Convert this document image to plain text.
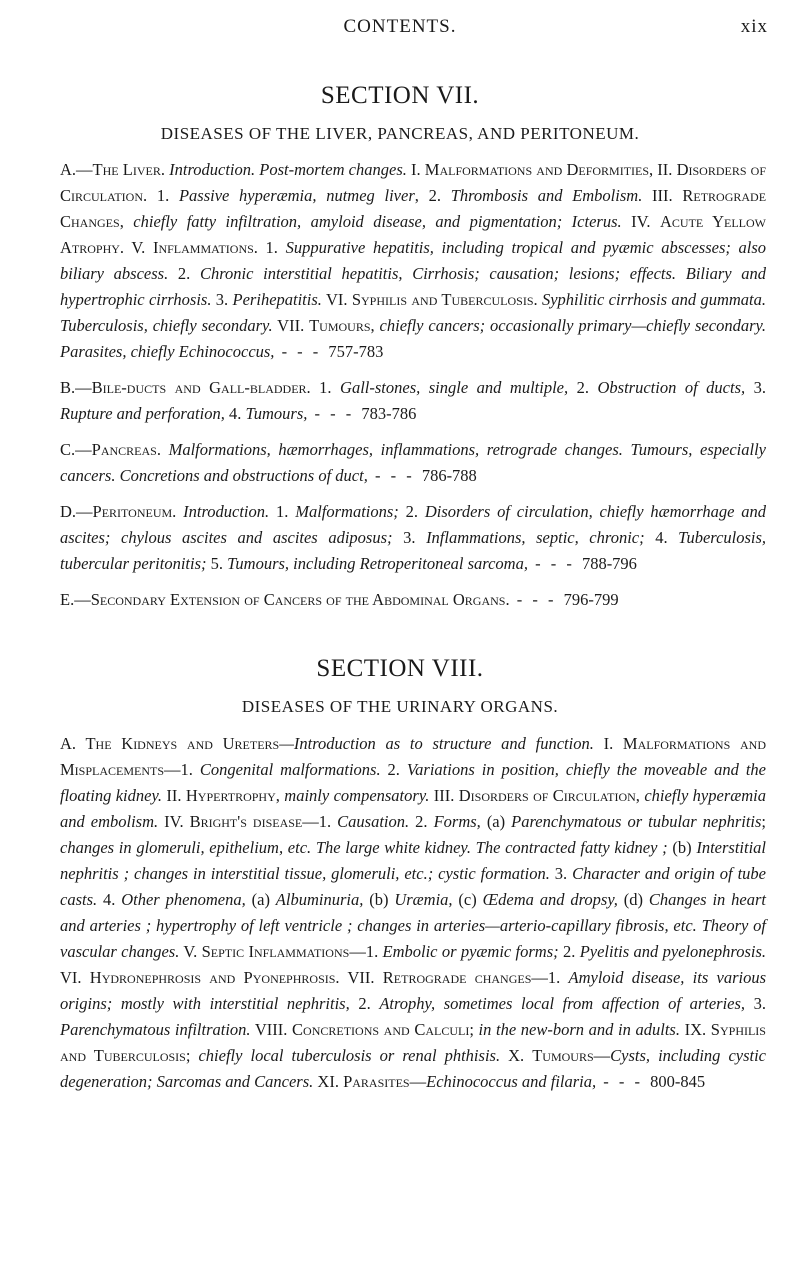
CONTENTS.	xix
SECTION VII.
DISEASES OF THE LIVER, PANCREAS, AND PERITONEUM.
A.—The Liver. Introduction. Post-mortem changes. I. Malformations and Deformities, II. Disorders of Circulation. 1. Passive hyperæmia, nutmeg liver, 2. Thrombosis and Embolism. III. Retrograde Changes, chiefly fatty infiltration, amyloid disease, and pigmentation; Icterus. IV. Acute Yellow Atrophy. V. Inflammations. 1. Suppurative hepatitis, including tropical and pyæmic abscesses; also biliary abscess. 2. Chronic interstitial hepatitis, Cirrhosis; causation; lesions; effects. Biliary and hypertrophic cirrhosis. 3. Perihepatitis. VI. Syphilis and Tuberculosis. Syphilitic cirrhosis and gummata. Tuberculosis, chiefly secondary. VII. Tumours, chiefly cancers; occasionally primary—chiefly secondary. Parasites, chiefly Echinococcus, - - - 757-783
B.—Bile-ducts and Gall-bladder. 1. Gall-stones, single and multiple, 2. Obstruction of ducts, 3. Rupture and perforation, 4. Tumours, - - - 783-786
C.—Pancreas. Malformations, hæmorrhages, inflammations, retrograde changes. Tumours, especially cancers. Concretions and obstructions of duct, - - - 786-788
D.—Peritoneum. Introduction. 1. Malformations; 2. Disorders of circulation, chiefly hæmorrhage and ascites; chylous ascites and ascites adiposus; 3. Inflammations, septic, chronic; 4. Tuberculosis, tubercular peritonitis; 5. Tumours, including Retroperitoneal sarcoma, - - - 788-796
E.—Secondary Extension of Cancers of the Abdominal Organs. - - - 796-799
SECTION VIII.
DISEASES OF THE URINARY ORGANS.
A. The Kidneys and Ureters—Introduction as to structure and function. I. Malformations and Misplacements—1. Congenital malformations. 2. Variations in position, chiefly the moveable and the floating kidney. II. Hypertrophy, mainly compensatory. III. Disorders of Circulation, chiefly hyperæmia and embolism. IV. Bright's disease—1. Causation. 2. Forms, (a) Parenchymatous or tubular nephritis; changes in glomeruli, epithelium, etc. The large white kidney. The contracted fatty kidney ; (b) Interstitial nephritis ; changes in interstitial tissue, glomeruli, etc.; cystic formation. 3. Character and origin of tube casts. 4. Other phenomena, (a) Albuminuria, (b) Uræmia, (c) Œdema and dropsy, (d) Changes in heart and arteries ; hypertrophy of left ventricle ; changes in arteries—arterio-capillary fibrosis, etc. Theory of vascular changes. V. Septic Inflammations—1. Embolic or pyæmic forms; 2. Pyelitis and pyelonephrosis. VI. Hydronephrosis and Pyonephrosis. VII. Retrograde changes—1. Amyloid disease, its various origins; mostly with interstitial nephritis, 2. Atrophy, sometimes local from affection of arteries, 3. Parenchymatous infiltration. VIII. Concretions and Calculi; in the new-born and in adults. IX. Syphilis and Tuberculosis; chiefly local tuberculosis or renal phthisis. X. Tumours—Cysts, including cystic degeneration; Sarcomas and Cancers. XI. Parasites—Echinococcus and filaria, - - - 800-845
